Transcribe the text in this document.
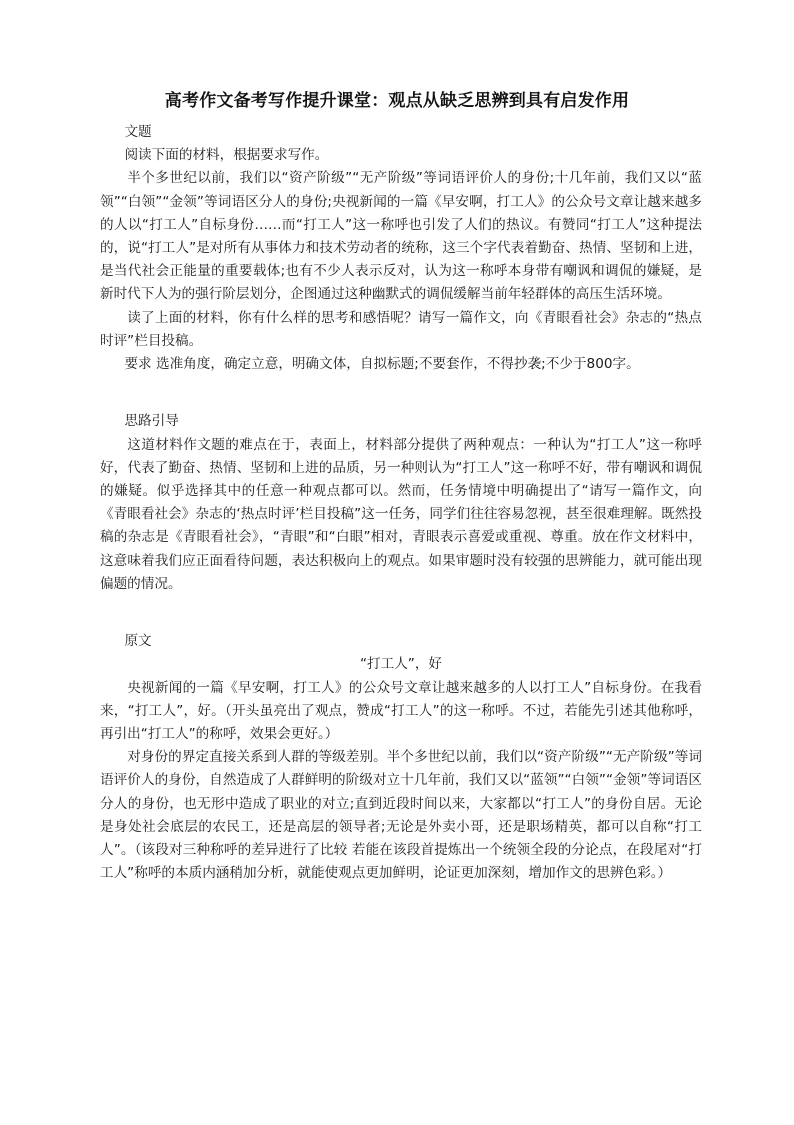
高考作文备考写作提升课堂：观点从缺乏思辨到具有启发作用

文题

阅读下面的材料，根据要求写作。

半个多世纪以前，我们以“资产阶级”“无产阶级”等词语评价人的身份;十几年前，我们又以“蓝领”“白领”“金领”等词语区分人的身份;央视新闻的一篇《早安啊，打工人》的公众号文章让越来越多的人以“打工人”自标身份……而“打工人”这一称呼也引发了人们的热议。有赞同“打工人”这种提法的，说“打工人”是对所有从事体力和技术劳动者的统称，这三个字代表着勤奋、热情、坚韧和上进，是当代社会正能量的重要载体;也有不少人表示反对，认为这一称呼本身带有嘲讽和调侃的嫌疑，是新时代下人为的强行阶层划分，企图通过这种幽默式的调侃缓解当前年轻群体的高压生活环境。

读了上面的材料，你有什么样的思考和感悟呢？请写一篇作文，向《青眼看社会》杂志的“热点时评”栏目投稿。

要求 选准角度，确定立意，明确文体，自拟标题;不要套作，不得抄袭;不少于800字。

思路引导

这道材料作文题的难点在于，表面上，材料部分提供了两种观点：一种认为“打工人”这一称呼好，代表了勤奋、热情、坚韧和上进的品质，另一种则认为“打工人”这一称呼不好，带有嘲讽和调侃的嫌疑。似乎选择其中的任意一种观点都可以。然而，任务情境中明确提出了“请写一篇作文，向《青眼看社会》杂志的‘热点时评’栏目投稿”这一任务，同学们往往容易忽视，甚至很难理解。既然投稿的杂志是《青眼看社会》，“青眼”和“白眼”相对，青眼表示喜爱或重视、尊重。放在作文材料中，这意味着我们应正面看待问题，表达积极向上的观点。如果审题时没有较强的思辨能力，就可能出现偏题的情况。

原文

“打工人”，好

央视新闻的一篇《早安啊，打工人》的公众号文章让越来越多的人以打工人”自标身份。在我看来，“打工人”，好。（开头虽亮出了观点，赞成“打工人”的这一称呼。不过，若能先引述其他称呼，再引出“打工人”的称呼，效果会更好。）

对身份的界定直接关系到人群的等级差别。半个多世纪以前，我们以“资产阶级”“无产阶级”等词语评价人的身份，自然造成了人群鲜明的阶级对立十几年前，我们又以“蓝领”“白领”“金领”等词语区分人的身份，也无形中造成了职业的对立;直到近段时间以来，大家都以“打工人”的身份自居。无论是身处社会底层的农民工，还是高层的领导者;无论是外卖小哥，还是职场精英，都可以自称“打工人”。（该段对三种称呼的差异进行了比较 若能在该段首提炼出一个统领全段的分论点，在段尾对“打工人”称呼的本质内涵稍加分析，就能使观点更加鲜明，论证更加深刻，增加作文的思辨色彩。）
